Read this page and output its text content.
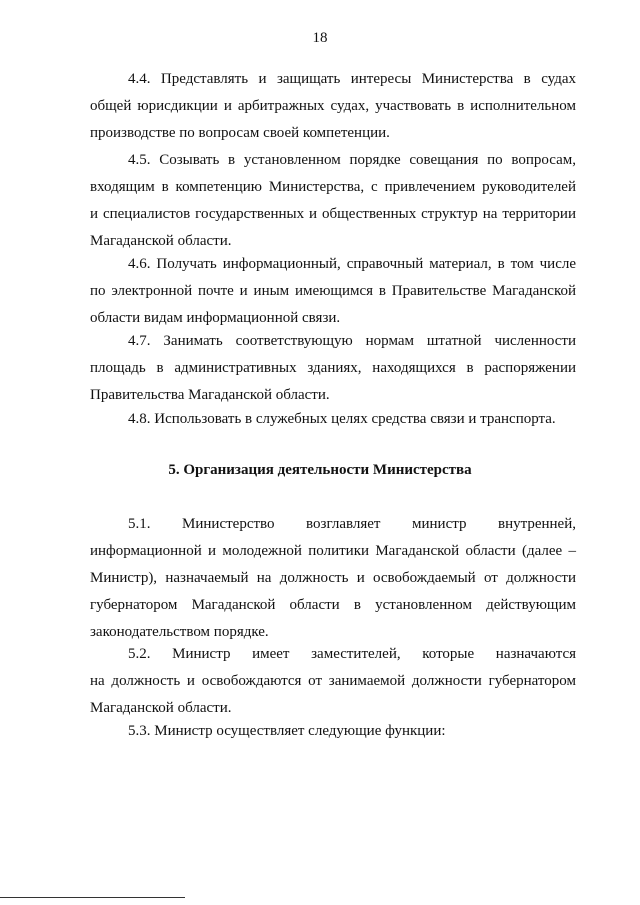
18
4.4. Представлять и защищать интересы Министерства в судах
общей юрисдикции и арбитражных судах, участвовать в исполнительном
производстве по вопросам своей компетенции.
4.5. Созывать в установленном порядке совещания по вопросам,
входящим в компетенцию Министерства, с привлечением руководителей
и специалистов государственных и общественных структур на территории
Магаданской области.
4.6. Получать информационный, справочный материал, в том числе
по электронной почте и иным имеющимся в Правительстве Магаданской
области видам информационной связи.
4.7. Занимать соответствующую нормам штатной численности
площадь в административных зданиях, находящихся в распоряжении
Правительства Магаданской области.
4.8. Использовать в служебных целях средства связи и транспорта.
5. Организация деятельности Министерства
5.1. Министерство возглавляет министр внутренней,
информационной и молодежной политики Магаданской области (далее –
Министр), назначаемый на должность и освобождаемый от должности
губернатором Магаданской области в установленном действующим
законодательством порядке.
5.2. Министр имеет заместителей, которые назначаются
на должность и освобождаются от занимаемой должности губернатором
Магаданской области.
5.3. Министр осуществляет следующие функции:
